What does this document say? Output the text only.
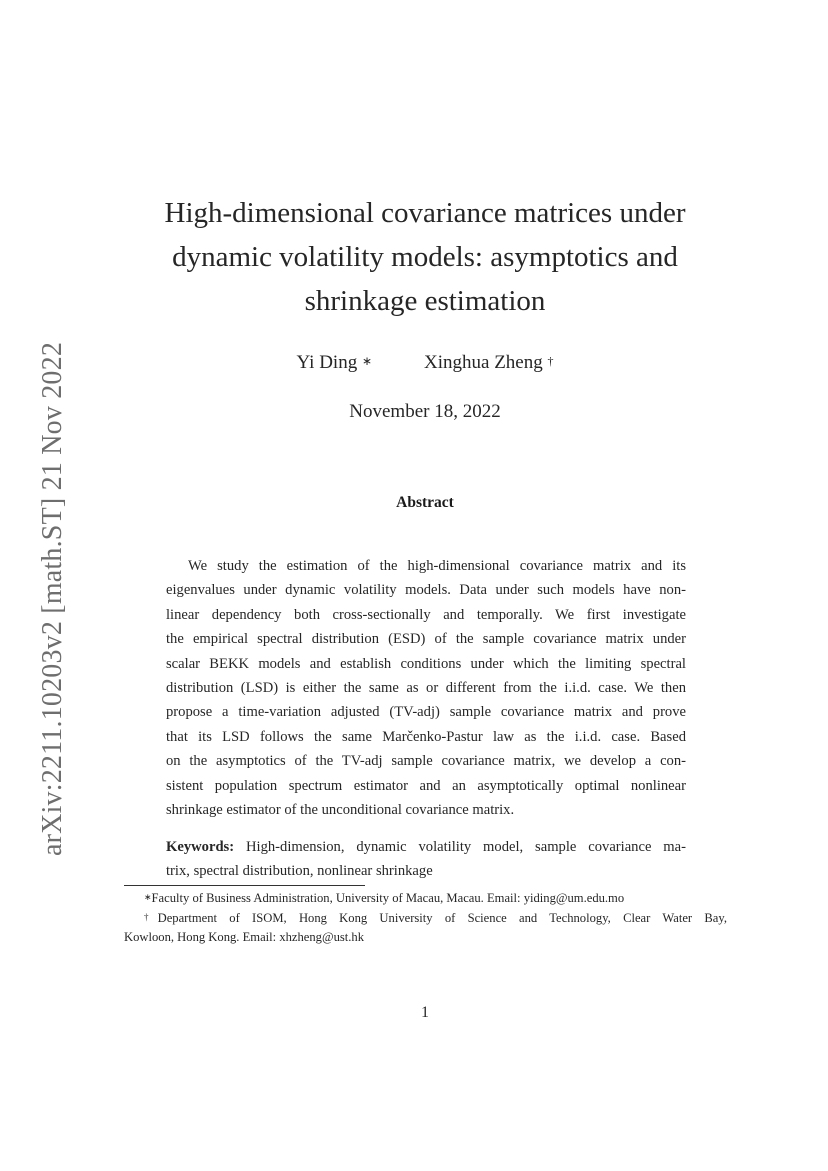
arXiv:2211.10203v2 [math.ST] 21 Nov 2022
High-dimensional covariance matrices under
dynamic volatility models: asymptotics and
shrinkage estimation
Yi Ding ∗	Xinghua Zheng †
November 18, 2022
Abstract
We study the estimation of the high-dimensional covariance matrix and its
eigenvalues under dynamic volatility models. Data under such models have non-
linear dependency both cross-sectionally and temporally. We first investigate
the empirical spectral distribution (ESD) of the sample covariance matrix under
scalar BEKK models and establish conditions under which the limiting spectral
distribution (LSD) is either the same as or different from the i.i.d. case. We then
propose a time-variation adjusted (TV-adj) sample covariance matrix and prove
that its LSD follows the same Marčenko-Pastur law as the i.i.d. case. Based
on the asymptotics of the TV-adj sample covariance matrix, we develop a con-
sistent population spectrum estimator and an asymptotically optimal nonlinear
shrinkage estimator of the unconditional covariance matrix.
Keywords: High-dimension, dynamic volatility model, sample covariance ma-
trix, spectral distribution, nonlinear shrinkage
∗Faculty of Business Administration, University of Macau, Macau. Email: yiding@um.edu.mo
†Department of ISOM, Hong Kong University of Science and Technology, Clear Water Bay,
Kowloon, Hong Kong. Email: xhzheng@ust.hk
1
